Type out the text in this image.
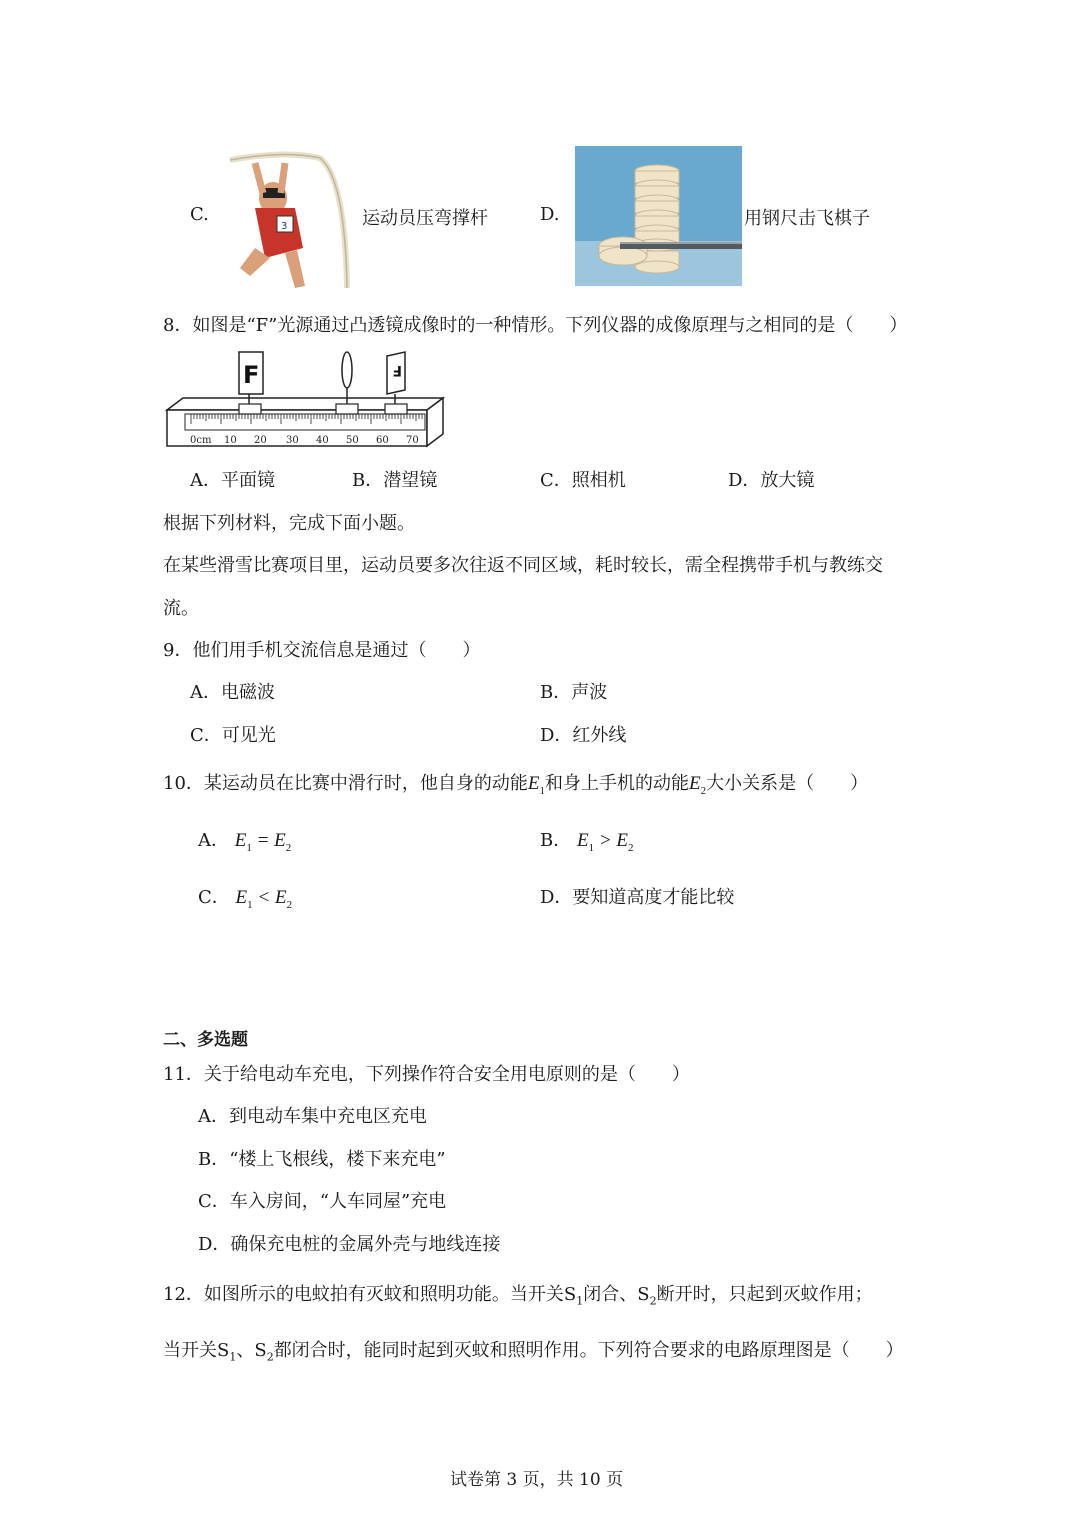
C.
3	运动员压弯撑杆	D.	用钢尺击飞棋子
8．如图是“F”光源通过凸透镜成像时的一种情形。下列仪器的成像原理与之相同的是（　　）
0cm 10 20 30 40 50 60 70
F	F
A．平面镜	B．潜望镜	C．照相机	D．放大镜
根据下列材料，完成下面小题。
在某些滑雪比赛项目里，运动员要多次往返不同区域，耗时较长，需全程携带手机与教练交
流。
9．他们用手机交流信息是通过（　　）
A．电磁波	B．声波
C．可见光	D．红外线
10．某运动员在比赛中滑行时，他自身的动能$E_1$和身上手机的动能$E_2$大小关系是（　　）
A． $E_1 = E_2$	B． $E_1 > E_2$
C． $E_1 < E_2$	D．要知道高度才能比较
二、多选题
11．关于给电动车充电，下列操作符合安全用电原则的是（　　）
A．到电动车集中充电区充电
B．“楼上飞根线，楼下来充电”
C．车入房间，“人车同屋”充电
D．确保充电桩的金属外壳与地线连接
12．如图所示的电蚊拍有灭蚊和照明功能。当开关$S_1$闭合、$S_2$断开时，只起到灭蚊作用；
当开关$S_1$、$S_2$都闭合时，能同时起到灭蚊和照明作用。下列符合要求的电路原理图是（　　）
试卷第 3 页，共 10 页
